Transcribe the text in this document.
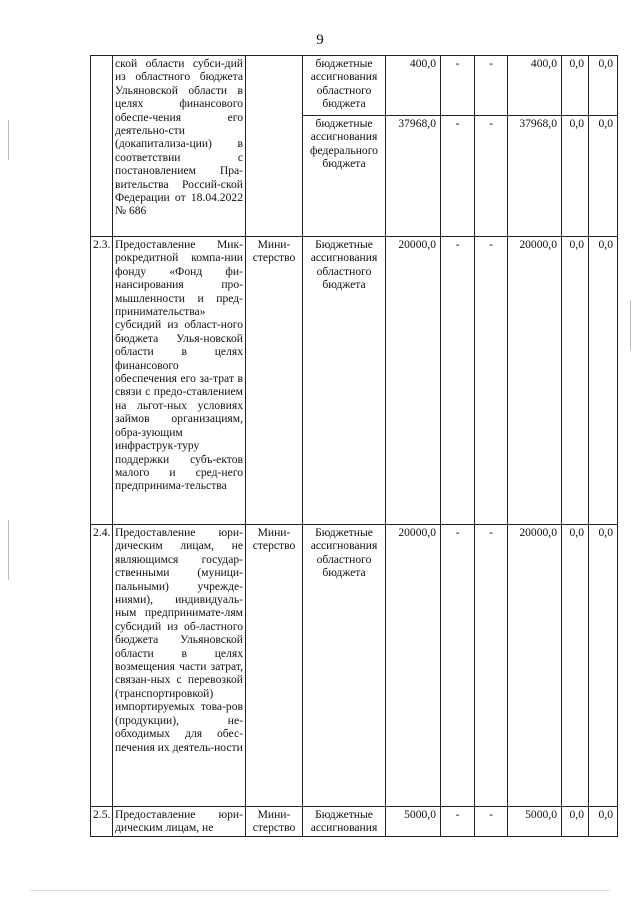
9
	ской области субси-дий из областного бюджета Ульяновской области в целях финансового обеспе-чения его деятельно-сти (докапитализа-ции) в соответствии с постановлением Пра-вительства Россий-ской Федерации от 18.04.2022 № 686		бюджетные ассигнования областного бюджета	400,0	-	-	400,0	0,0	0,0
			бюджетные ассигнования федерального бюджета	37968,0	-	-	37968,0	0,0	0,0
2.3.	Предоставление Мик-рокредитной компа-нии фонду «Фонд фи-нансирования про-мышленности и пред-принимательства» субсидий из област-ного бюджета Улья-новской области в целях финансового обеспечения его за-трат в связи с предо-ставлением на льгот-ных условиях займов организациям, обра-зующим инфраструк-туру поддержки субъ-ектов малого и сред-него предпринима-тельства	Мини-стерство	Бюджетные ассигнования областного бюджета	20000,0	-	-	20000,0	0,0	0,0
2.4.	Предоставление юри-дическим лицам, не являющимся государ-ственными (муници-пальными) учрежде-ниями), индивидуаль-ным предпринимате-лям субсидий из об-ластного бюджета Ульяновской области в целях возмещения части затрат, связан-ных с перевозкой (транспортировкой) импортируемых това-ров (продукции), не-обходимых для обес-печения их деятель-ности	Мини-стерство	Бюджетные ассигнования областного бюджета	20000,0	-	-	20000,0	0,0	0,0
2.5.	Предоставление юри-дическим лицам, не	Мини-стерство	Бюджетные ассигнования	5000,0	-	-	5000,0	0,0	0,0
